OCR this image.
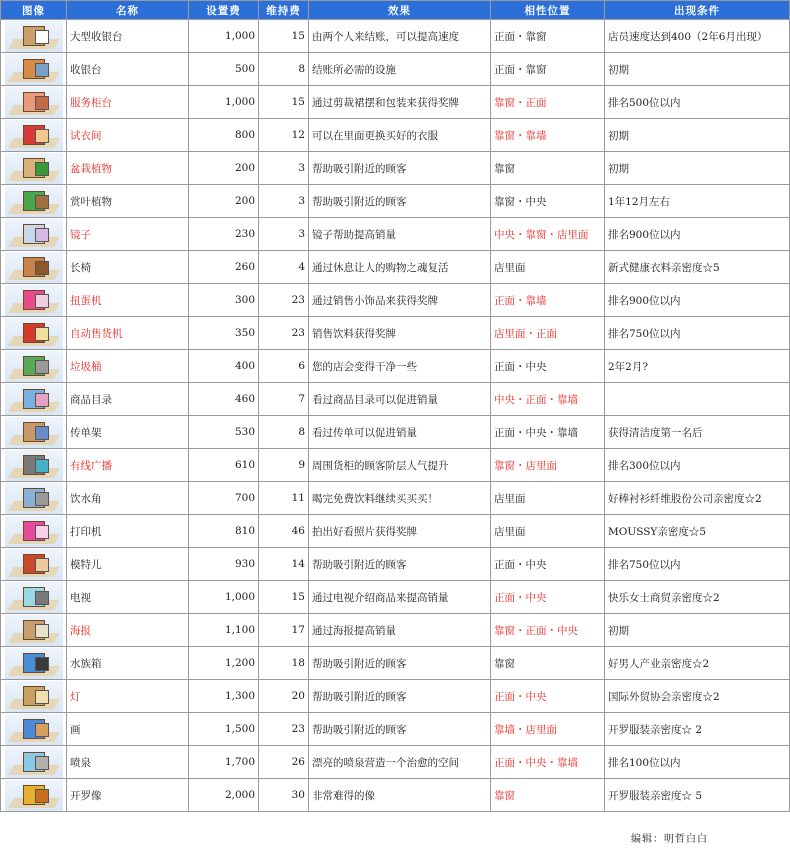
图像	名称	设置费	维持费	效果	相性位置	出现条件

	大型收银台	1,000	15	由两个人来结账，可以提高速度	正面・靠窗	店员速度达到400（2年6月出现）

	收银台	500	8	结账所必需的设施	正面・靠窗	初期

	服务柜台	1,000	15	通过剪裁裙摆和包装来获得奖牌	靠窗・正面	排名500位以内

	试衣间	800	12	可以在里面更换买好的衣服	靠窗・靠墙	初期

	盆栽植物	200	3	帮助吸引附近的顾客	靠窗	初期

	赏叶植物	200	3	帮助吸引附近的顾客	靠窗・中央	1年12月左右

	镜子	230	3	镜子帮助提高销量	中央・靠窗・店里面	排名900位以内

	长椅	260	4	通过休息让人的购物之魂复活	店里面	新式健康衣料亲密度☆5

	扭蛋机	300	23	通过销售小饰品来获得奖牌	正面・靠墙	排名900位以内

	自动售货机	350	23	销售饮料获得奖牌	店里面・正面	排名750位以内

	垃圾桶	400	6	您的店会变得干净一些	正面・中央	2年2月?

	商品目录	460	7	看过商品目录可以促进销量	中央・正面・靠墙	

	传单架	530	8	看过传单可以促进销量	正面・中央・靠墙	获得清洁度第一名后

	有线广播	610	9	周围货柜的顾客阶层人气提升	靠窗・店里面	排名300位以内

	饮水角	700	11	喝完免费饮料继续买买买！	店里面	好棒衬衫纤维股份公司亲密度☆2

	打印机	810	46	拍出好看照片获得奖牌	店里面	MOUSSY亲密度☆5

	模特儿	930	14	帮助吸引附近的顾客	正面・中央	排名750位以内

	电视	1,000	15	通过电视介绍商品来提高销量	正面・中央	快乐女士商贸亲密度☆2

	海报	1,100	17	通过海报提高销量	靠窗・正面・中央	初期

	水族箱	1,200	18	帮助吸引附近的顾客	靠窗	好男人产业亲密度☆2

	灯	1,300	20	帮助吸引附近的顾客	正面・中央	国际外贸协会亲密度☆2

	画	1,500	23	帮助吸引附近的顾客	靠墙・店里面	开罗服装亲密度☆ 2

	喷泉	1,700	26	漂亮的喷泉营造一个治愈的空间	正面・中央・靠墙	排名100位以内

	开罗像	2,000	30	非常难得的像	靠窗	开罗服装亲密度☆ 5
编辑：明哲白白
